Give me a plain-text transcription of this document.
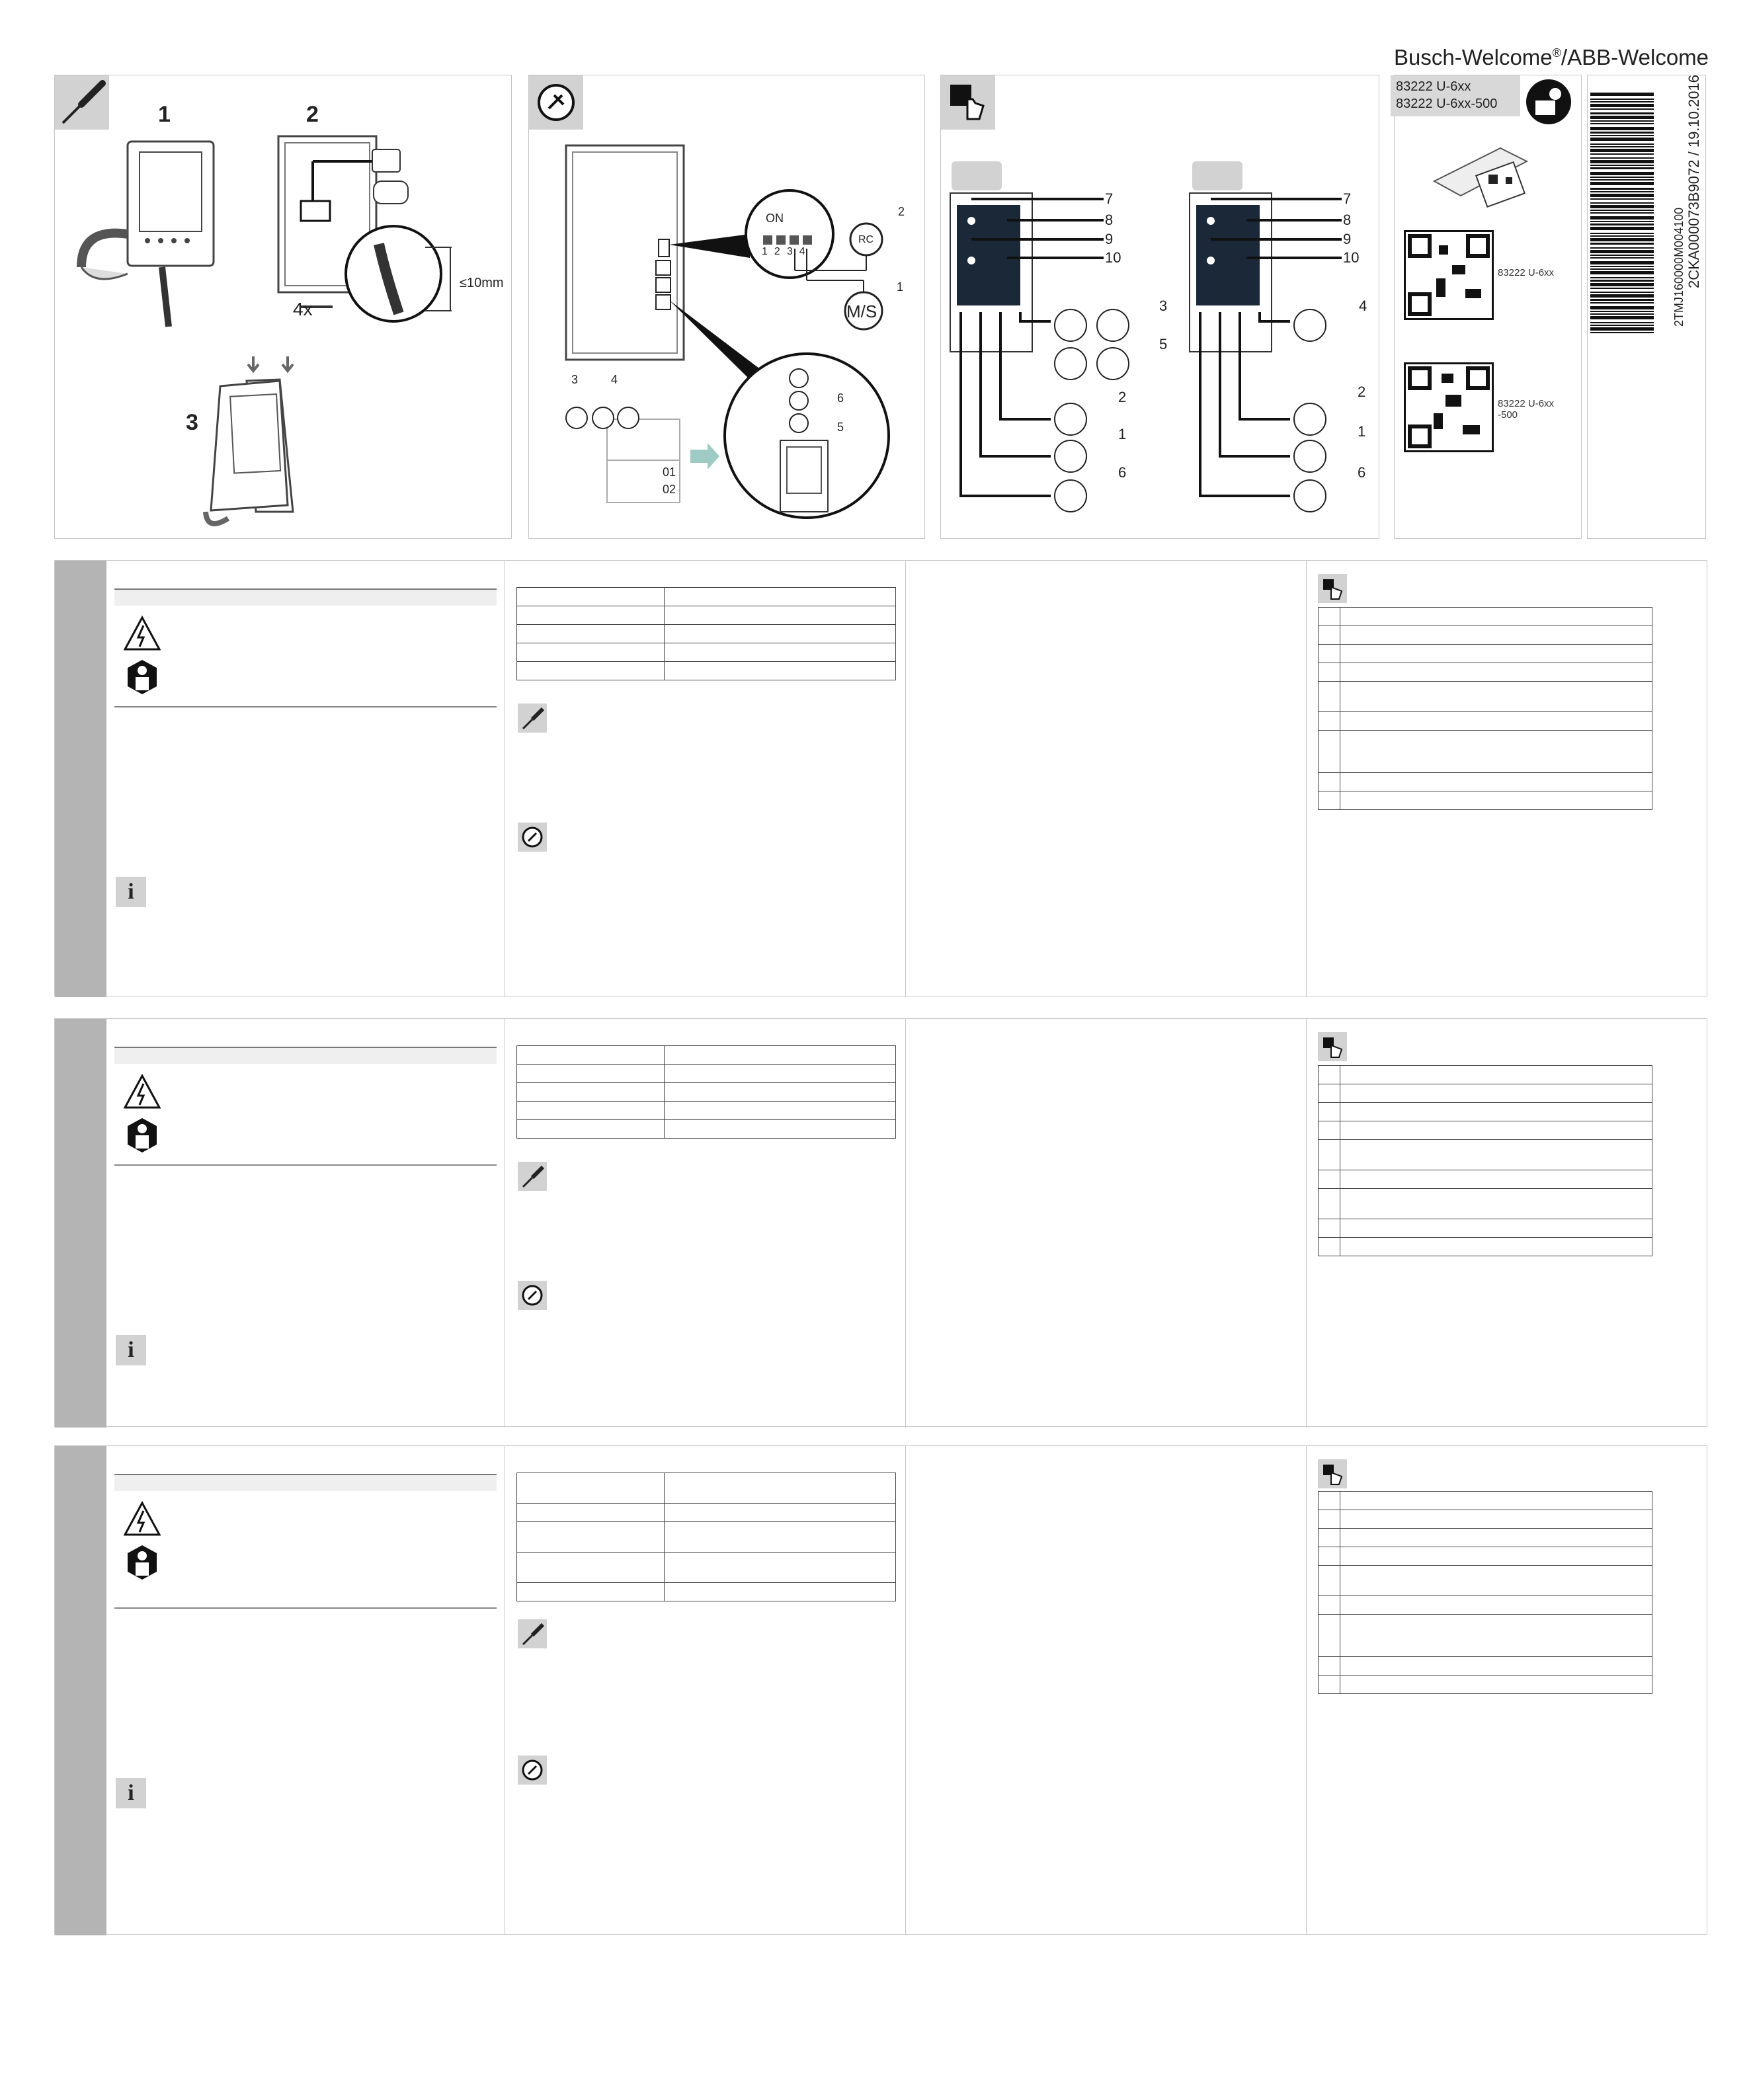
Busch-Welcome®/ABB-Welcome
1	2
3
4x
≤10mm
ON
1 2 3 4
RC
M/S
2
1
3	4
6
5
01
02
7
8
9
10
3
5
2
1
6
7
8
9
10
4
2
1
6
83222 U-6xx
83222 U-6xx
-500
83222 U-6xx
83222 U-6xx-500
2TMJ160000M004100 2CKA000073B9072 / 19.10.2016
i

i

i
